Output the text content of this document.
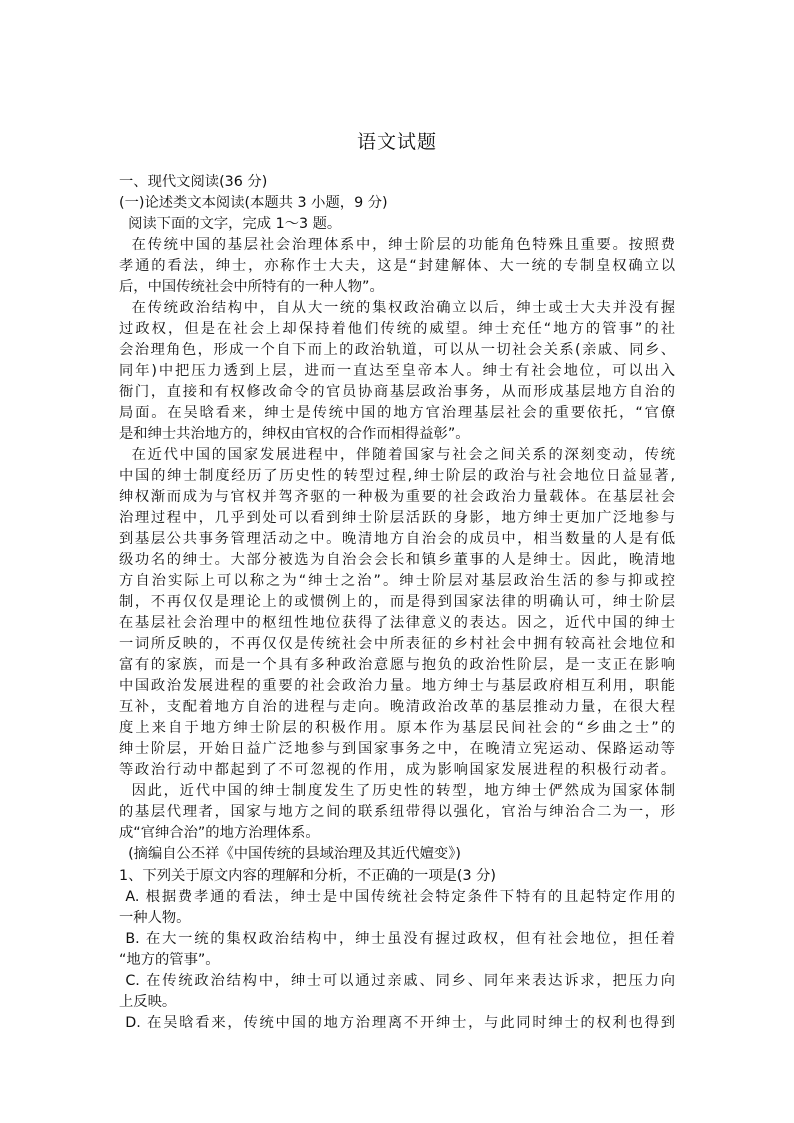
语文试题

一、现代文阅读(36 分)

(一)论述类文本阅读(本题共 3 小题，9 分)

阅读下面的文字，完成 1～3 题。

在传统中国的基层社会治理体系中，绅士阶层的功能角色特殊且重要。按照费

孝通的看法，绅士，亦称作士大夫，这是“封建解体、大一统的专制皇权确立以

后，中国传统社会中所特有的一种人物”。

在传统政治结构中，自从大一统的集权政治确立以后，绅士或士大夫并没有握

过政权，但是在社会上却保持着他们传统的威望。绅士充任“地方的管事”的社

会治理角色，形成一个自下而上的政治轨道，可以从一切社会关系(亲戚、同乡、

同年)中把压力透到上层，进而一直达至皇帝本人。绅士有社会地位，可以出入

衙门，直接和有权修改命令的官员协商基层政治事务，从而形成基层地方自治的

局面。在吴晗看来，绅士是传统中国的地方官治理基层社会的重要依托，“官僚

是和绅士共治地方的，绅权由官权的合作而相得益彰”。

在近代中国的国家发展进程中，伴随着国家与社会之间关系的深刻变动，传统

中国的绅士制度经历了历史性的转型过程,绅士阶层的政治与社会地位日益显著,

绅权渐而成为与官权并驾齐驱的一种极为重要的社会政治力量载体。在基层社会

治理过程中，几乎到处可以看到绅士阶层活跃的身影，地方绅士更加广泛地参与

到基层公共事务管理活动之中。晚清地方自治会的成员中，相当数量的人是有低

级功名的绅士。大部分被选为自治会会长和镇乡董事的人是绅士。因此，晚清地

方自治实际上可以称之为“绅士之治”。绅士阶层对基层政治生活的参与抑或控

制，不再仅仅是理论上的或惯例上的，而是得到国家法律的明确认可，绅士阶层

在基层社会治理中的枢纽性地位获得了法律意义的表达。因之，近代中国的绅士

一词所反映的，不再仅仅是传统社会中所表征的乡村社会中拥有较高社会地位和

富有的家族，而是一个具有多种政治意愿与抱负的政治性阶层，是一支正在影响

中国政治发展进程的重要的社会政治力量。地方绅士与基层政府相互利用，职能

互补，支配着地方自治的进程与走向。晚清政治改革的基层推动力量，在很大程

度上来自于地方绅士阶层的积极作用。原本作为基层民间社会的“乡曲之士”的

绅士阶层，开始日益广泛地参与到国家事务之中，在晚清立宪运动、保路运动等

等政治行动中都起到了不可忽视的作用，成为影响国家发展进程的积极行动者。

因此，近代中国的绅士制度发生了历史性的转型，地方绅士俨然成为国家体制

的基层代理者，国家与地方之间的联系纽带得以强化，官治与绅治合二为一，形

成“官绅合治”的地方治理体系。

(摘编自公丕祥《中国传统的县域治理及其近代嬗变》)

1、下列关于原文内容的理解和分析，不正确的一项是(3 分)

A. 根据费孝通的看法，绅士是中国传统社会特定条件下特有的且起特定作用的

一种人物。

B. 在大一统的集权政治结构中，绅士虽没有握过政权，但有社会地位，担任着

“地方的管事”。

C. 在传统政治结构中，绅士可以通过亲戚、同乡、同年来表达诉求，把压力向

上反映。

D. 在吴晗看来，传统中国的地方治理离不开绅士，与此同时绅士的权利也得到
